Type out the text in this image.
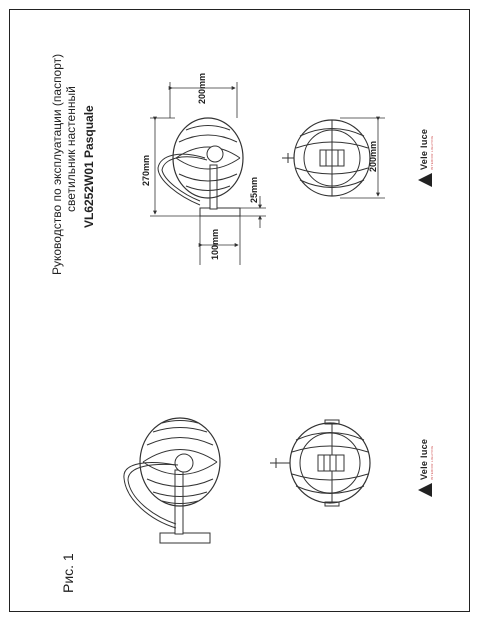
Рис. 1
Руководство по эксплуатации (паспорт) светильник настенный VL6252W01 Pasquale
200mm
270mm
25mm
100mm
200mm	Vele luce INTERIOR LIGHTING
Vele luce INTERIOR LIGHTING
